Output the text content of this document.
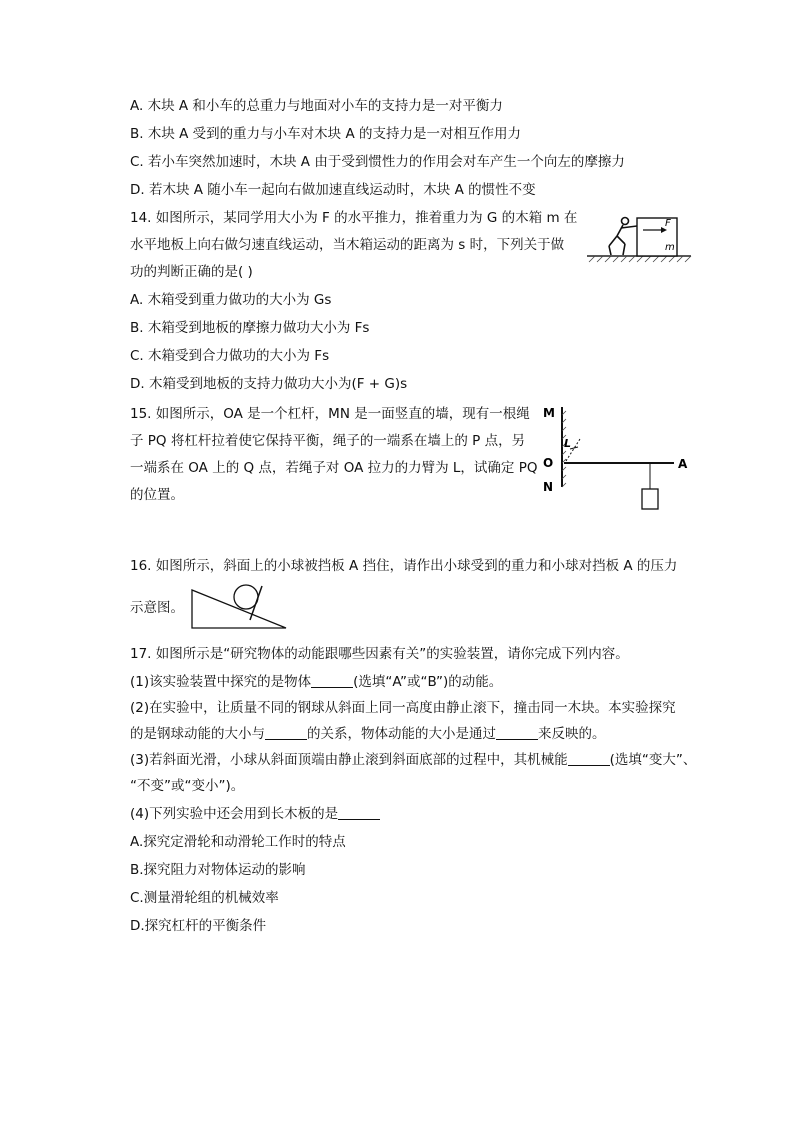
A. 木块 A 和小车的总重力与地面对小车的支持力是一对平衡力
B. 木块 A 受到的重力与小车对木块 A 的支持力是一对相互作用力
C. 若小车突然加速时，木块 A 由于受到惯性力的作用会对车产生一个向左的摩擦力
D. 若木块 A 随小车一起向右做加速直线运动时，木块 A 的惯性不变
14. 如图所示，某同学用大小为 F 的水平推力，推着重力为 G 的木箱 m 在
水平地板上向右做匀速直线运动，当木箱运动的距离为 s 时，下列关于做
功的判断正确的是( )
A. 木箱受到重力做功的大小为 Gs
B. 木箱受到地板的摩擦力做功大小为 Fs
C. 木箱受到合力做功的大小为 Fs
D. 木箱受到地板的支持力做功大小为(F + G)s
F
m
15. 如图所示，OA 是一个杠杆，MN 是一面竖直的墙，现有一根绳
子 PQ 将杠杆拉着使它保持平衡，绳子的一端系在墙上的 P 点，另
一端系在 OA 上的 Q 点，若绳子对 OA 拉力的力臂为 L，试确定 PQ
的位置。
M
O
N
A
L
16. 如图所示，斜面上的小球被挡板 A 挡住，请作出小球受到的重力和小球对挡板 A 的压力
示意图。
17. 如图所示是“研究物体的动能跟哪些因素有关”的实验装置，请你完成下列内容。
(1)该实验装置中探究的是物体	(选填“A”或“B”)的动能。
(2)在实验中，让质量不同的钢球从斜面上同一高度由静止滚下，撞击同一木块。本实验探究
的是钢球动能的大小与	的关系，物体动能的大小是通过	来反映的。
(3)若斜面光滑，小球从斜面顶端由静止滚到斜面底部的过程中，其机械能	(选填“变大”、
“不变”或“变小”)。
(4)下列实验中还会用到长木板的是
A.探究定滑轮和动滑轮工作时的特点
B.探究阻力对物体运动的影响
C.测量滑轮组的机械效率
D.探究杠杆的平衡条件
